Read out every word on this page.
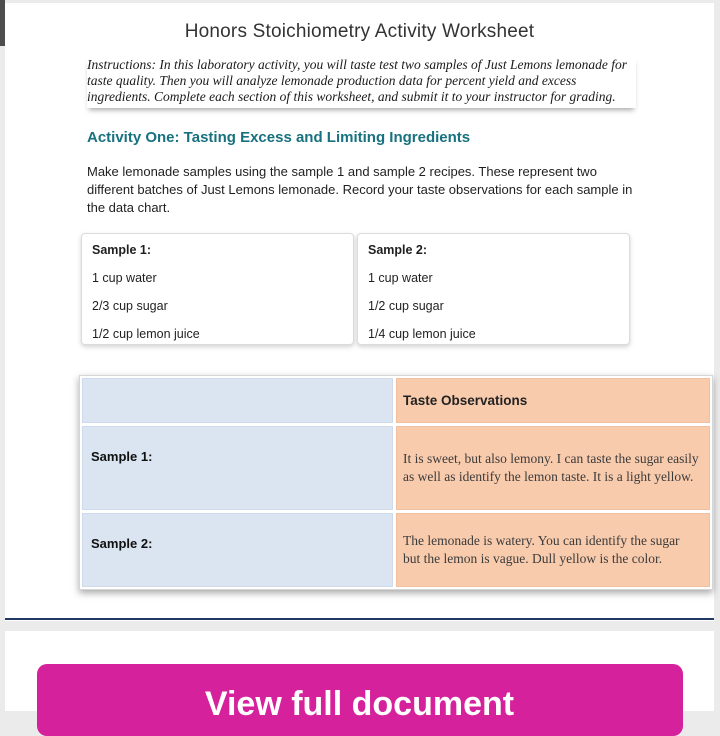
Honors Stoichiometry Activity Worksheet

Instructions: In this laboratory activity, you will taste test two samples of Just Lemons lemonade for taste quality. Then you will analyze lemonade production data for percent yield and excess ingredients. Complete each section of this worksheet, and submit it to your instructor for grading.

Activity One: Tasting Excess and Limiting Ingredients

Make lemonade samples using the sample 1 and sample 2 recipes. These represent two different batches of Just Lemons lemonade. Record your taste observations for each sample in the data chart.

Sample 1:

1 cup water

2/3 cup sugar

1/2 cup lemon juice

Sample 2:

1 cup water

1/2 cup sugar

1/4 cup lemon juice

Taste Observations
Sample 1:	It is sweet, but also lemony. I can taste the sugar easily as well as identify the lemon taste. It is a light yellow.
Sample 2:	The lemonade is watery. You can identify the sugar but the lemon is vague. Dull yellow is the color.
View full document
